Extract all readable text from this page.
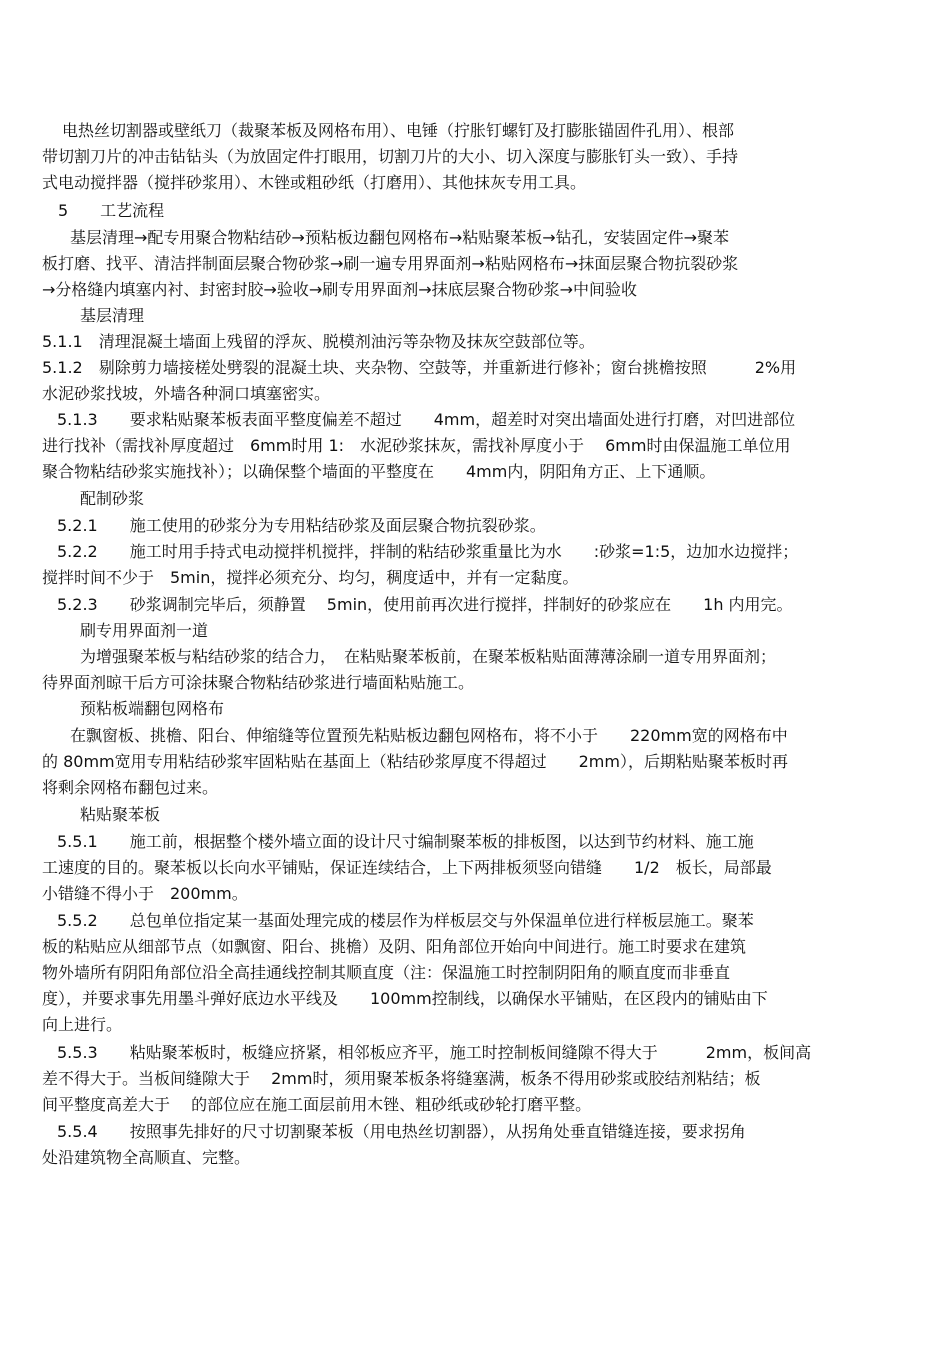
电热丝切割器或壁纸刀（裁聚苯板及网格布用）、电锤（拧胀钉螺钉及打膨胀锚固件孔用）、根部
带切割刀片的冲击钻钻头（为放固定件打眼用，切割刀片的大小、切入深度与膨胀钉头一致）、手持
式电动搅拌器（搅拌砂浆用）、木锉或粗砂纸（打磨用）、其他抹灰专用工具。
5　　工艺流程
基层清理→配专用聚合物粘结砂→预粘板边翻包网格布→粘贴聚苯板→钻孔，安装固定件→聚苯
板打磨、找平、清洁拌制面层聚合物砂浆→刷一遍专用界面剂→粘贴网格布→抹面层聚合物抗裂砂浆
→分格缝内填塞内衬、封密封胶→验收→刷专用界面剂→抹底层聚合物砂浆→中间验收
基层清理
5.1.1　清理混凝土墙面上残留的浮灰、脱模剂油污等杂物及抹灰空鼓部位等。
5.1.2　剔除剪力墙接槎处劈裂的混凝土块、夹杂物、空鼓等，并重新进行修补；窗台挑檐按照　　　2%用
水泥砂浆找坡，外墙各种洞口填塞密实。
5.1.3　　要求粘贴聚苯板表面平整度偏差不超过　　4mm，超差时对突出墙面处进行打磨，对凹进部位
进行找补（需找补厚度超过　6mm时用 1:　水泥砂浆抹灰，需找补厚度小于　 6mm时由保温施工单位用
聚合物粘结砂浆实施找补）；以确保整个墙面的平整度在　　4mm内，阴阳角方正、上下通顺。
配制砂浆
5.2.1　　施工使用的砂浆分为专用粘结砂浆及面层聚合物抗裂砂浆。
5.2.2　　施工时用手持式电动搅拌机搅拌，拌制的粘结砂浆重量比为水　　:砂浆=1:5，边加水边搅拌；
搅拌时间不少于　5min，搅拌必须充分、均匀，稠度适中，并有一定黏度。
5.2.3　　砂浆调制完毕后，须静置　 5min，使用前再次进行搅拌，拌制好的砂浆应在　　1h 内用完。
刷专用界面剂一道
为增强聚苯板与粘结砂浆的结合力，　在粘贴聚苯板前，在聚苯板粘贴面薄薄涂刷一道专用界面剂；
待界面剂晾干后方可涂抹聚合物粘结砂浆进行墙面粘贴施工。
预粘板端翻包网格布
在飘窗板、挑檐、阳台、伸缩缝等位置预先粘贴板边翻包网格布，将不小于　　220mm宽的网格布中
的 80mm宽用专用粘结砂浆牢固粘贴在基面上（粘结砂浆厚度不得超过　　2mm），后期粘贴聚苯板时再
将剩余网格布翻包过来。
粘贴聚苯板
5.5.1　　施工前，根据整个楼外墙立面的设计尺寸编制聚苯板的排板图，以达到节约材料、施工施
工速度的目的。聚苯板以长向水平铺贴，保证连续结合，上下两排板须竖向错缝　　1/2　板长，局部最
小错缝不得小于　200mm。
5.5.2　　总包单位指定某一基面处理完成的楼层作为样板层交与外保温单位进行样板层施工。聚苯
板的粘贴应从细部节点（如飘窗、阳台、挑檐）及阴、阳角部位开始向中间进行。施工时要求在建筑
物外墙所有阴阳角部位沿全高挂通线控制其顺直度（注：保温施工时控制阴阳角的顺直度而非垂直
度），并要求事先用墨斗弹好底边水平线及　　100mm控制线，以确保水平铺贴，在区段内的铺贴由下
向上进行。
5.5.3　　粘贴聚苯板时，板缝应挤紧，相邻板应齐平，施工时控制板间缝隙不得大于　　　2mm，板间高
差不得大于。当板间缝隙大于　 2mm时，须用聚苯板条将缝塞满，板条不得用砂浆或胶结剂粘结；板
间平整度高差大于　 的部位应在施工面层前用木锉、粗砂纸或砂轮打磨平整。
5.5.4　　按照事先排好的尺寸切割聚苯板（用电热丝切割器），从拐角处垂直错缝连接，要求拐角
处沿建筑物全高顺直、完整。
